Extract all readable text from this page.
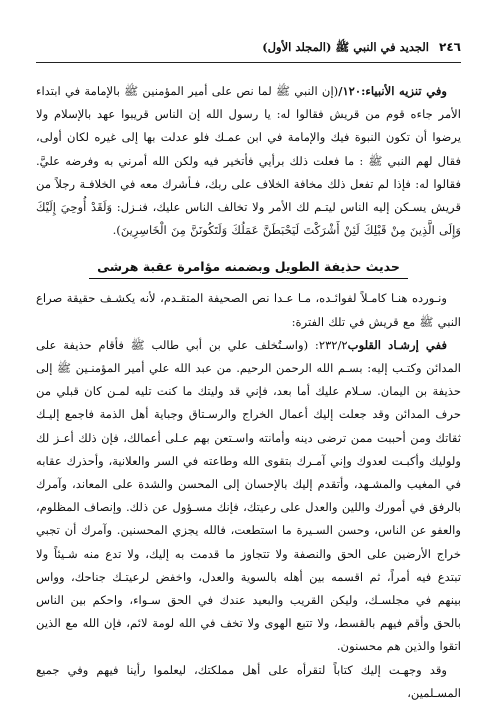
٢٤٦
الجديد في النبي ﷺ (المجلد الأول)

وفي تنزيه الأنبياء:١٢٠/(إن النبي ﷺ لما نص على أمير المؤمنين ﷺ بالإمامة في ابتداء الأمر جاءه قوم من قريش فقالوا له: يا رسول الله إن الناس قريبوا عهد بالإسلام ولا يرضوا أن تكون النبوة فيك والإمامة في ابن عمـك فلو عدلت بها إلى غيره لكان أولى، فقال لهم النبي ﷺ : ما فعلت ذلك برأيي فأتخير فيه ولكن الله أمرني به وفرضه عليَّ. فقالوا له: فإذا لم تفعل ذلك مخافة الخلاف على ربك، فـأشرك معه في الخلافـة رجلاً من قريش يسـكن إليه الناس ليتـم لك الأمر ولا تخالف الناس عليك، فنـزل: وَلَقَدْ أُوحِيَ إِلَيْكَ وَإِلَى الَّذِينَ مِنْ قَبْلِكَ لَئِنْ أَشْرَكْتَ لَيَحْبَطَنَّ عَمَلُكَ وَلَتَكُونَنَّ مِنَ الْخَاسِرِينَ).

حديث حذيفة الطويل وبضمنه مؤامرة عقبة هرشى

ونـورده هنـا كامـلاً لفوائـده، مـا عـدا نص الصحيفة المتقـدم، لأنه يكشـف حقيقة صراع النبي ﷺ مع قريش في تلك الفترة:

ففي إرشـاد القلوب٢٣٢/٢: (واسـتُخلف علي بن أبي طالب ﷺ فأقام حذيفة على المدائن وكتـب إليه: بسـم الله الرحمن الرحيم. من عبد الله علي أمير المؤمنـين ﷺ إلى حذيفة بن اليمان. سـلام عليك أما بعد، فإني قد وليتك ما كنت تليه لمـن كان قبلي من حرف المدائن وقد جعلت إليك أعمال الخراج والرسـتاق وجباية أهل الذمة فاجمع إليـك ثقاتك ومن أحببت ممن ترضى دينه وأمانته واسـتعن بهم عـلى أعمالك، فإن ذلك أعـز لك ولوليك وأكبـت لعدوك وإني آمـرك بتقوى الله وطاعته في السر والعلانية، وأحذرك عقابه في المغيب والمشـهد، وأتقدم إليك بالإحسان إلى المحسن والشدة على المعاند، وآمرك بالرفق في أمورك واللين والعدل على رعيتك، فإنك مسـؤول عن ذلك. وإنصاف المظلوم، والعفو عن الناس، وحسن السـيرة ما استطعت، فالله يجزي المحسنين. وآمرك أن تجبي خراج الأرضين على الحق والنصفة ولا تتجاوز ما قدمت به إليك، ولا تدع منه شـيئاً ولا تبتدع فيه أمراً، ثم اقسمه بين أهله بالسوية والعدل، واخفض لرعيتـك جناحك، وواس بينهم في مجلسـك، وليكن القريب والبعيد عندك في الحق سـواء، واحكم بين الناس بالحق وأقم فيهم بالقسط، ولا تتبع الهوى ولا تخف في الله لومة لائم، فإن الله مع الذين اتقوا والذين هم محسنون.

وقد وجهـت إليك كتاباً لتقرأه على أهل مملكتك، ليعلموا رأينا فيهم وفي جميع المسـلمين،
